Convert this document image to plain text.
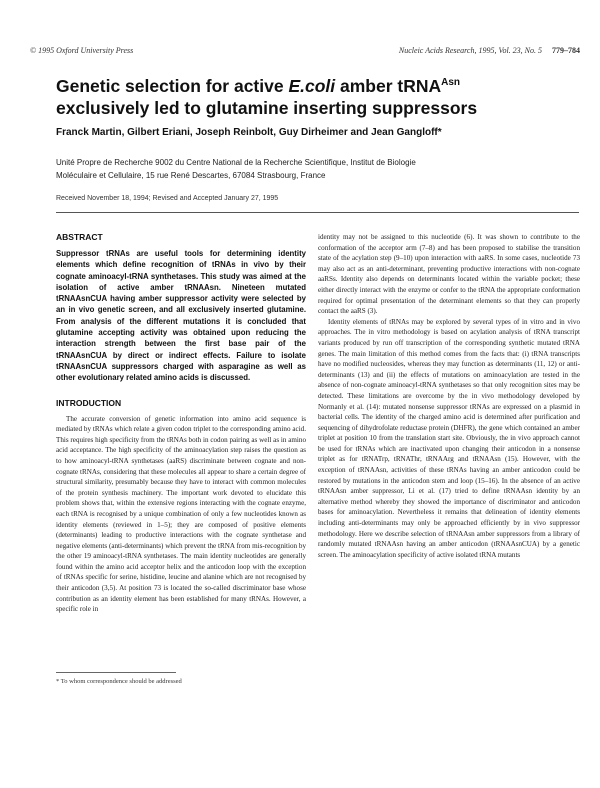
© 1995 Oxford University Press	Nucleic Acids Research, 1995, Vol. 23, No. 5 779–784
Genetic selection for active E.coli amber tRNA$^{Asn}$
exclusively led to glutamine inserting suppressors
Franck Martin, Gilbert Eriani, Joseph Reinbolt, Guy Dirheimer and Jean Gangloff*
Unité Propre de Recherche 9002 du Centre National de la Recherche Scientifique, Institut de Biologie
Moléculaire et Cellulaire, 15 rue René Descartes, 67084 Strasbourg, France
Received November 18, 1994; Revised and Accepted January 27, 1995
ABSTRACT

Suppressor tRNAs are useful tools for determining identity elements which define recognition of tRNAs in vivo by their cognate aminoacyl-tRNA synthetases. This study was aimed at the isolation of active amber tRNAAsn. Nineteen mutated tRNAAsnCUA having amber suppressor activity were selected by an in vivo genetic screen, and all exclusively inserted glutamine. From analysis of the different mutations it is concluded that glutamine accepting activity was obtained upon reducing the interaction strength between the first base pair of the tRNAAsnCUA by direct or indirect effects. Failure to isolate tRNAAsnCUA suppressors charged with asparagine as well as other evolutionary related amino acids is discussed.

INTRODUCTION

The accurate conversion of genetic information into amino acid sequence is mediated by tRNAs which relate a given codon triplet to the corresponding amino acid. This requires high specificity from the tRNAs both in codon pairing as well as in amino acid acceptance. The high specificity of the aminoacylation step raises the question as to how aminoacyl-tRNA synthetases (aaRS) discriminate between cognate and non-cognate tRNAs, considering that these molecules all appear to share a certain degree of structural similarity, presumably because they have to interact with common molecules of the protein synthesis machinery. The important work devoted to elucidate this problem shows that, within the extensive regions interacting with the cognate enzyme, each tRNA is recognised by a unique combination of only a few nucleotides known as identity elements (reviewed in 1–5); they are composed of positive elements (determinants) leading to productive interactions with the cognate synthetase and negative elements (anti-determinants) which prevent the tRNA from mis-recognition by the other 19 aminoacyl-tRNA synthetases. The main identity nucleotides are generally found within the amino acid acceptor helix and the anticodon loop with the exception of tRNAs specific for serine, histidine, leucine and alanine which are not recognised by their anticodon (3,5). At position 73 is located the so-called discriminator base whose contribution as an identity element has been established for many tRNAs. However, a specific role in

identity may not be assigned to this nucleotide (6). It was shown to contribute to the conformation of the acceptor arm (7–8) and has been proposed to stabilise the transition state of the acylation step (9–10) upon interaction with aaRS. In some cases, nucleotide 73 may also act as an anti-determinant, preventing productive interactions with non-cognate aaRSs. Identity also depends on determinants located within the variable pocket; these either directly interact with the enzyme or confer to the tRNA the appropriate conformation required for optimal presentation of the determinant elements so that they can properly contact the aaRS (3).

Identity elements of tRNAs may be explored by several types of in vitro and in vivo approaches. The in vitro methodology is based on acylation analysis of tRNA transcript variants produced by run off transcription of the corresponding synthetic mutated tRNA genes. The main limitation of this method comes from the facts that: (i) tRNA transcripts have no modified nucleosides, whereas they may function as determinants (11, 12) or anti-determinants (13) and (ii) the effects of mutations on aminoacylation are tested in the absence of non-cognate aminoacyl-tRNA synthetases so that only recognition sites may be detected. These limitations are overcome by the in vivo methodology developed by Normanly et al. (14): mutated nonsense suppressor tRNAs are expressed on a plasmid in bacterial cells. The identity of the charged amino acid is determined after purification and sequencing of dihydrofolate reductase protein (DHFR), the gene which contained an amber triplet at position 10 from the translation start site. Obviously, the in vivo approach cannot be used for tRNAs which are inactivated upon changing their anticodon in a nonsense triplet as for tRNATrp, tRNAThr, tRNAArg and tRNAAsn (15). However, with the exception of tRNAAsn, activities of these tRNAs having an amber anticodon could be restored by mutations in the anticodon stem and loop (15–16). In the absence of an active tRNAAsn amber suppressor, Li et al. (17) tried to define tRNAAsn identity by an alternative method whereby they showed the importance of discriminator and anticodon bases for aminoacylation. Nevertheless it remains that delineation of identity elements including anti-determinants may only be approached efficiently by in vivo suppressor methodology. Here we describe selection of tRNAAsn amber suppressors from a library of randomly mutated tRNAAsn having an amber anticodon (tRNAAsnCUA) by a genetic screen. The aminoacylation specificity of active isolated tRNA mutants

* To whom correspondence should be addressed
